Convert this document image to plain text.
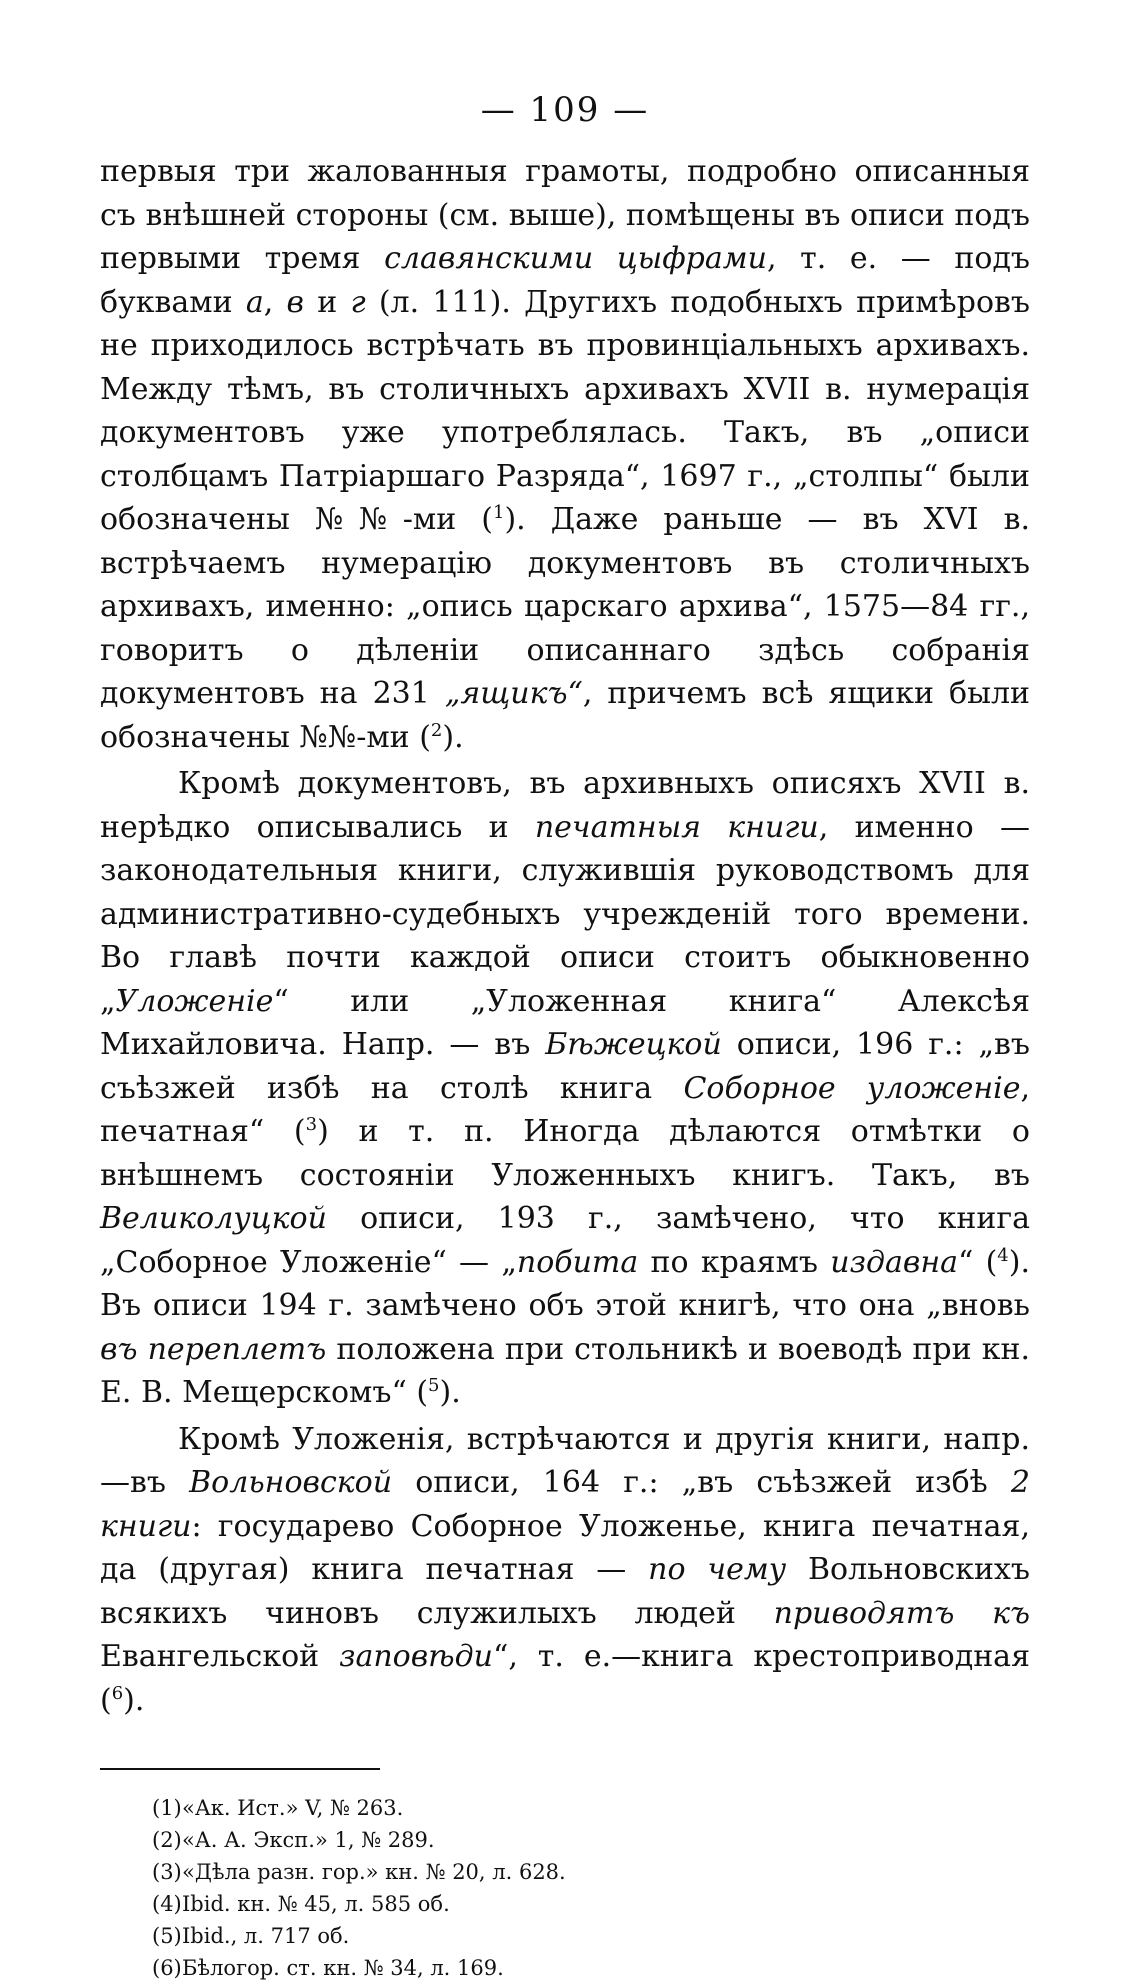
— 109 —

первыя три жалованныя грамоты, подробно описанныя съ внѣшней стороны (см. выше), помѣщены въ описи подъ первыми тремя славянскими цыфрами, т. е. — подъ буквами а, в и г (л. 111). Другихъ подобныхъ примѣровъ не приходилось встрѣчать въ провинціальныхъ архивахъ. Между тѣмъ, въ столичныхъ архивахъ XVII в. нумерація документовъ уже употреблялась. Такъ, въ „описи столбцамъ Патріаршаго Разряда“, 1697 г., „столпы“ были обозначены №№-ми ($^1$). Даже раньше — въ XVI в. встрѣчаемъ нумерацію документовъ въ столичныхъ архивахъ, именно: „опись царскаго архива“, 1575—84 гг., говоритъ о дѣленіи описаннаго здѣсь собранія документовъ на 231 „ящикъ“, причемъ всѣ ящики были обозначены №№-ми ($^2$).

Кромѣ документовъ, въ архивныхъ описяхъ XVII в. нерѣдко описывались и печатныя книги, именно — законодательныя книги, служившія руководствомъ для административно-судебныхъ учрежденій того времени. Во главѣ почти каждой описи стоитъ обыкновенно „Уложеніе“ или „Уложенная книга“ Алексѣя Михайловича. Напр. — въ Бѣжецкой описи, 196 г.: „въ съѣзжей избѣ на столѣ книга Соборное уложеніе, печатная“ ($^3$) и т. п. Иногда дѣлаются отмѣтки о внѣшнемъ состояніи Уложенныхъ книгъ. Такъ, въ Великолуцкой описи, 193 г., замѣчено, что книга „Соборное Уложеніе“ — „побита по краямъ издавна“ ($^4$). Въ описи 194 г. замѣчено объ этой книгѣ, что она „вновь въ переплетъ положена при стольникѣ и воеводѣ при кн. Е. В. Мещерскомъ“ ($^5$).

Кромѣ Уложенія, встрѣчаются и другія книги, напр.—въ Вольновской описи, 164 г.: „въ съѣзжей избѣ 2 книги: государево Соборное Уложенье, книга печатная, да (другая) книга печатная — по чему Вольновскихъ всякихъ чиновъ служилыхъ людей приводятъ къ Евангельской заповѣди“, т. е.—книга крестоприводная ($^6$).

(1)«Ак. Ист.» V, № 263.
(2)«А. А. Эксп.» 1, № 289.
(3)«Дѣла разн. гор.» кн. № 20, л. 628.
(4)Ibid. кн. № 45, л. 585 об.
(5)Ibid., л. 717 об.
(6)Бѣлогор. ст. кн. № 34, л. 169.
